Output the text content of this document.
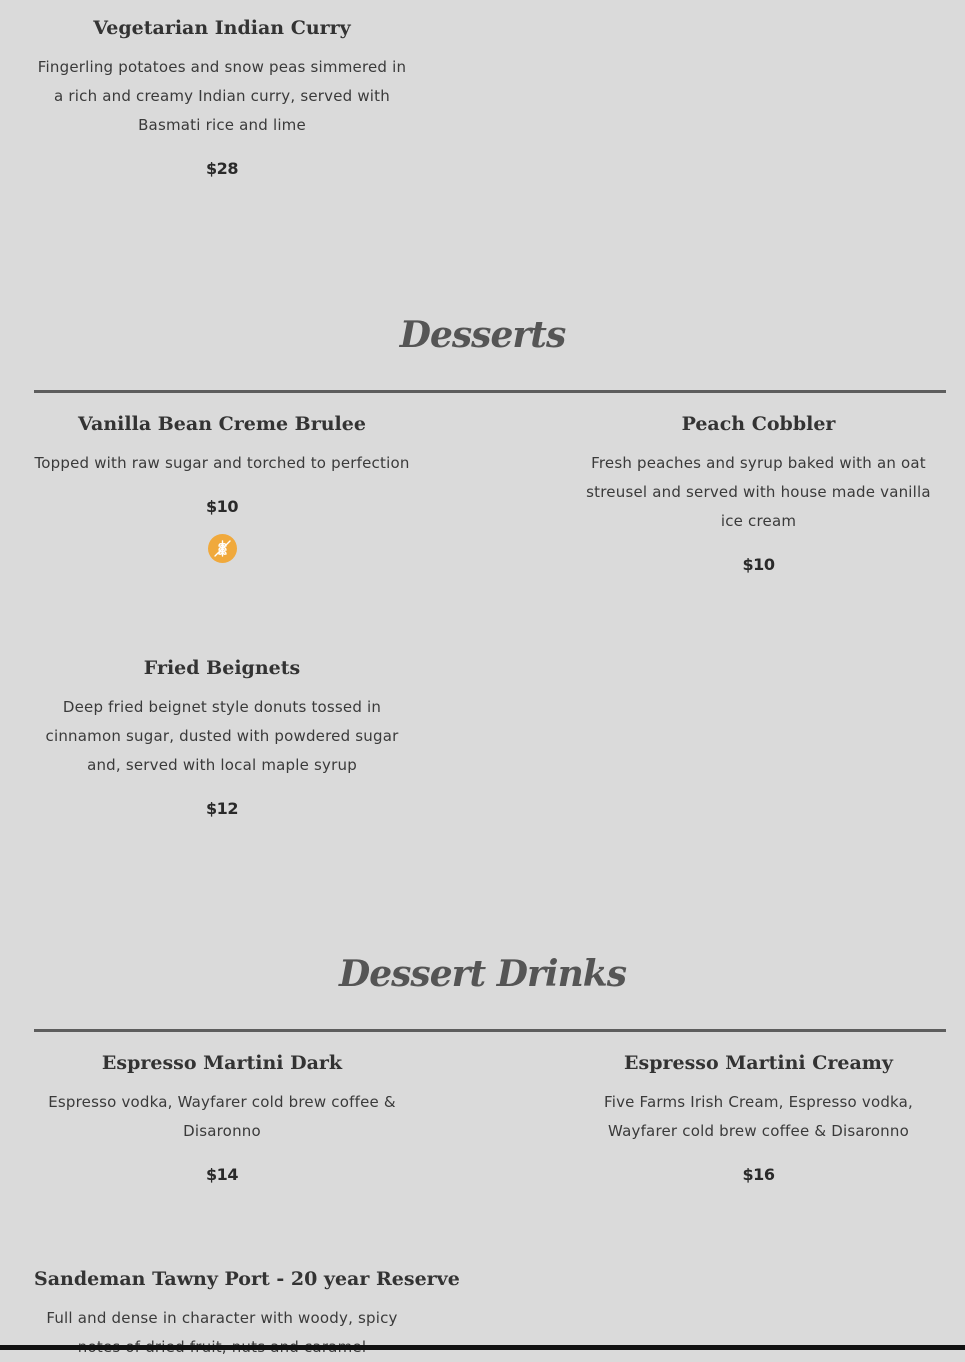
Vegetarian Indian Curry

Fingerling potatoes and snow peas simmered in a rich and creamy Indian curry, served with Basmati rice and lime

$28

Desserts
Vanilla Bean Creme Brulee

Topped with raw sugar and torched to perfection

$10

Peach Cobbler

Fresh peaches and syrup baked with an oat streusel and served with house made vanilla ice cream

$10

Fried Beignets

Deep fried beignet style donuts tossed in cinnamon sugar, dusted with powdered sugar and, served with local maple syrup

$12

Dessert Drinks
Espresso Martini Dark

Espresso vodka, Wayfarer cold brew coffee & Disaronno

$14

Espresso Martini Creamy

Five Farms Irish Cream, Espresso vodka, Wayfarer cold brew coffee & Disaronno

$16

Sandeman Tawny Port - 20 year Reserve

Full and dense in character with woody, spicy
